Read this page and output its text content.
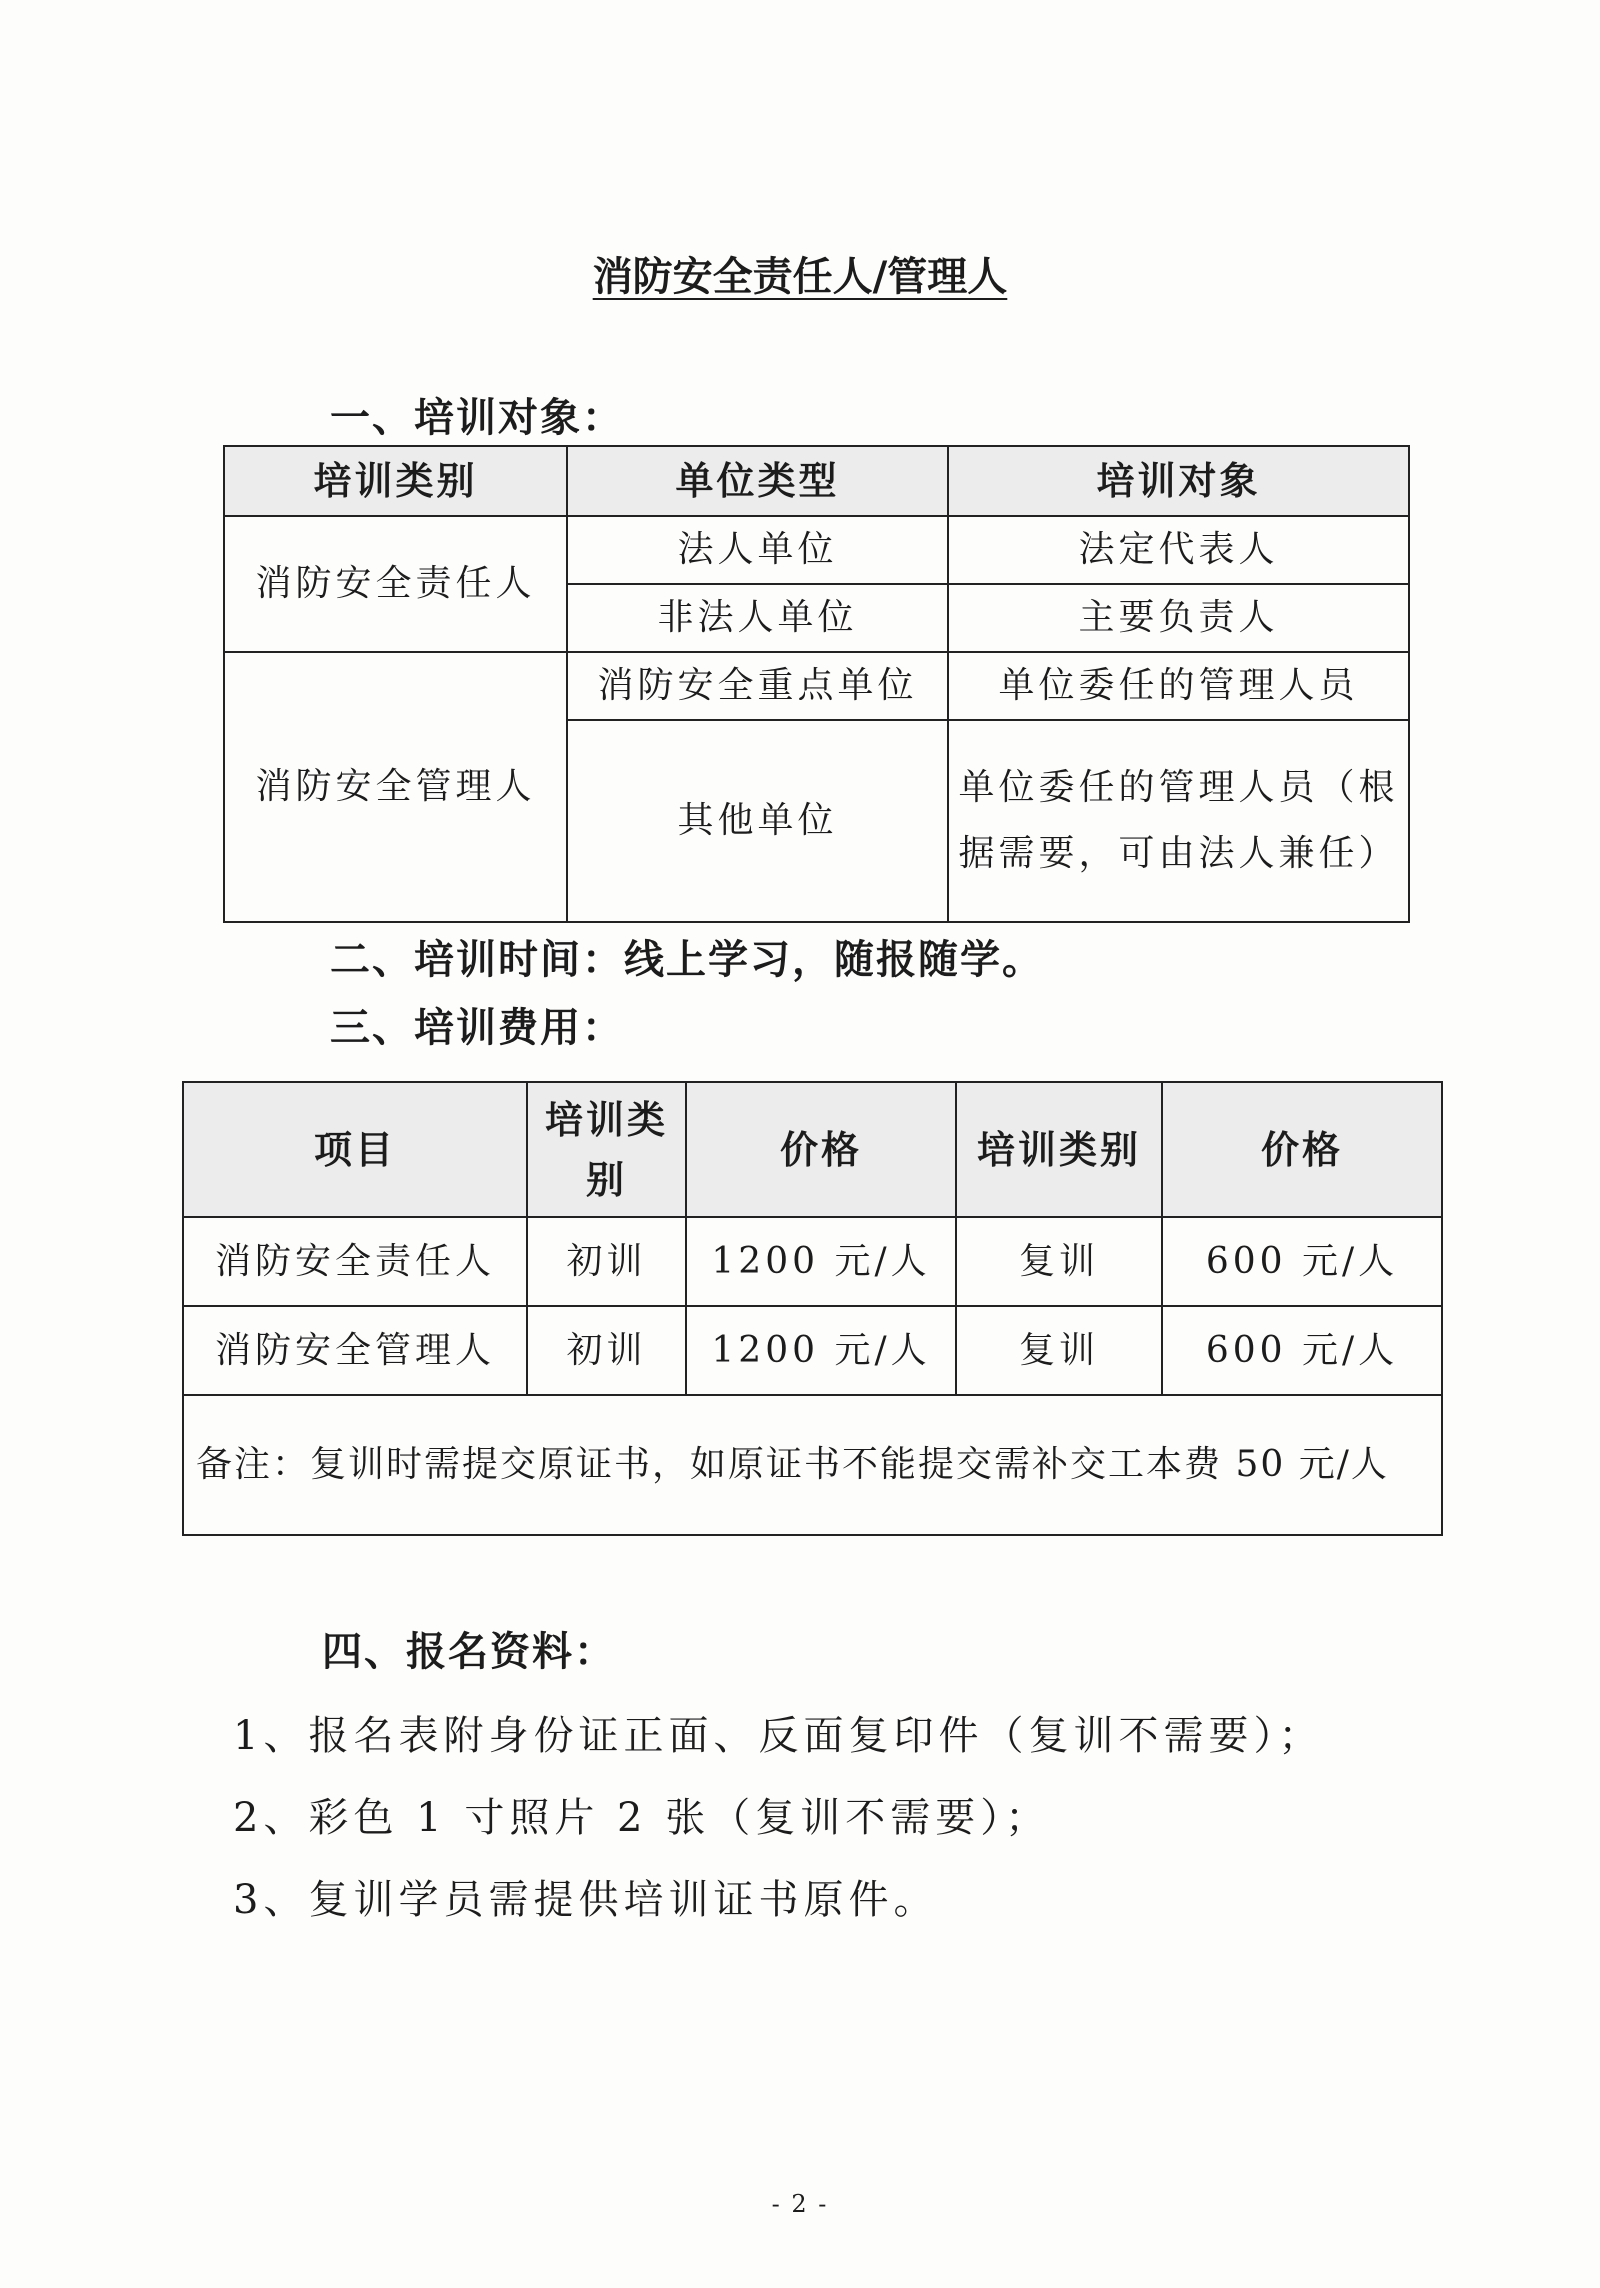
消防安全责任人/管理人
一、培训对象：
培训类别	单位类型	培训对象
消防安全责任人	法人单位	法定代表人
	非法人单位	主要负责人
消防安全管理人	消防安全重点单位	单位委任的管理人员
	其他单位	单位委任的管理人员（根据需要，可由法人兼任）
二、培训时间：线上学习，随报随学。
三、培训费用：
项目	培训类别	价格	培训类别	价格
消防安全责任人	初训	1200 元/人	复训	600 元/人
消防安全管理人	初训	1200 元/人	复训	600 元/人
备注：复训时需提交原证书，如原证书不能提交需补交工本费 50 元/人				
四、报名资料：
1、报名表附身份证正面、反面复印件（复训不需要）；
2、彩色 1 寸照片 2 张（复训不需要）；
3、复训学员需提供培训证书原件。
- 2 -
